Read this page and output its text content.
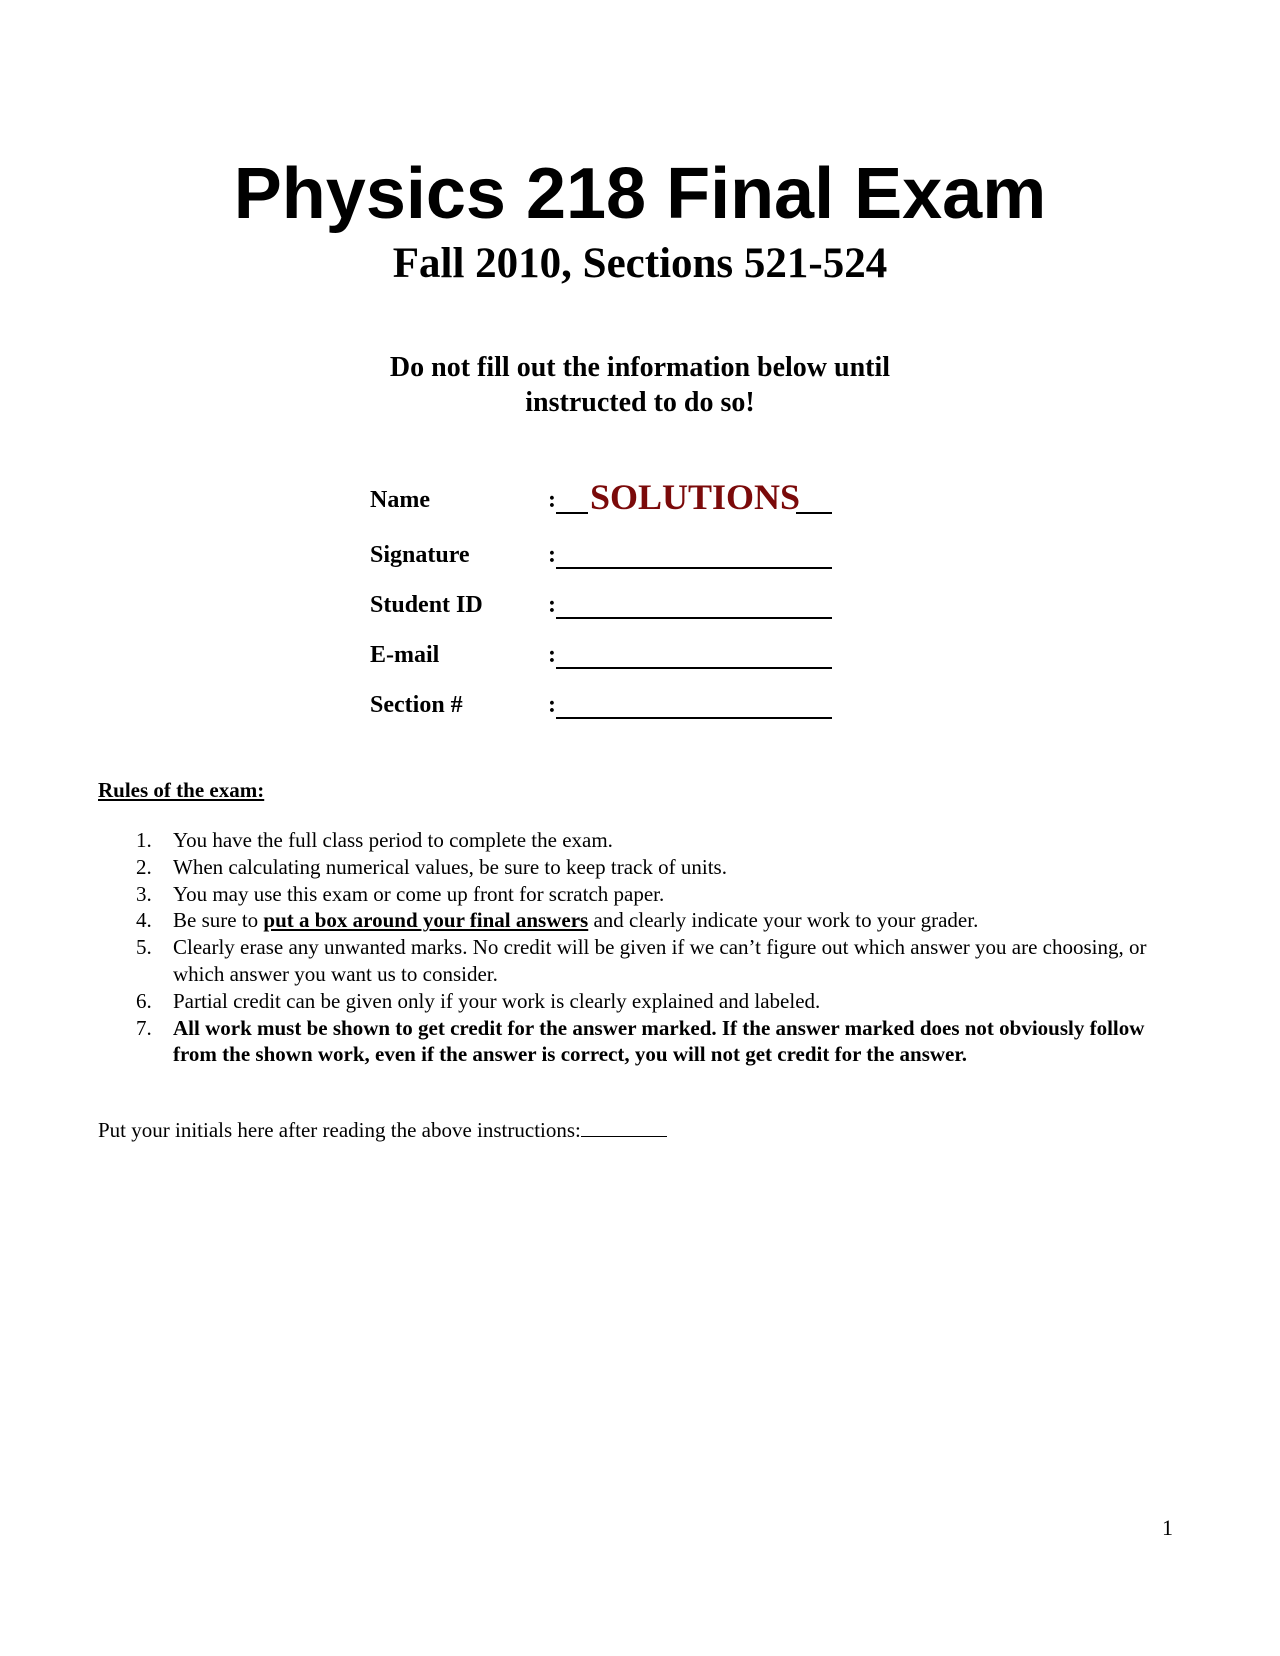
Physics 218 Final Exam
Fall 2010, Sections 521-524
Do not fill out the information below until
instructed to do so!
Name	: SOLUTIONS
Signature	:
Student ID	:
E-mail	:
Section #	:
Rules of the exam:
1. You have the full class period to complete the exam.
2. When calculating numerical values, be sure to keep track of units.
3. You may use this exam or come up front for scratch paper.
4. Be sure to put a box around your final answers and clearly indicate your work to your grader.
5. Clearly erase any unwanted marks. No credit will be given if we can’t figure out which answer you are choosing, or which answer you want us to consider.
6. Partial credit can be given only if your work is clearly explained and labeled.
7. All work must be shown to get credit for the answer marked. If the answer marked does not obviously follow from the shown work, even if the answer is correct, you will not get credit for the answer.
Put your initials here after reading the above instructions:
1
